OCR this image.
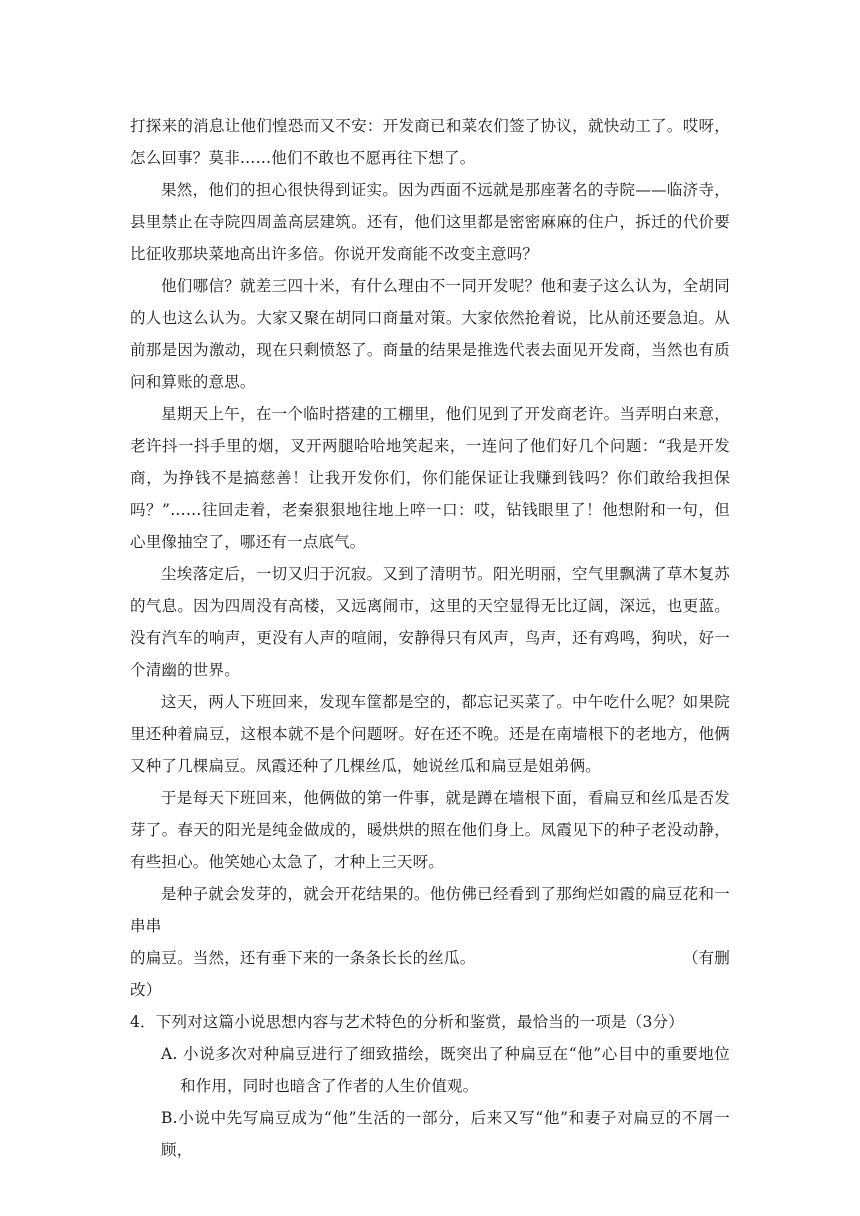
打探来的消息让他们惶恐而又不安：开发商已和菜农们签了协议，就快动工了。哎呀，怎么回事？莫非……他们不敢也不愿再往下想了。

果然，他们的担心很快得到证实。因为西面不远就是那座著名的寺院——临济寺，县里禁止在寺院四周盖高层建筑。还有，他们这里都是密密麻麻的住户，拆迁的代价要比征收那块菜地高出许多倍。你说开发商能不改变主意吗？

他们哪信？就差三四十米，有什么理由不一同开发呢？他和妻子这么认为，全胡同的人也这么认为。大家又聚在胡同口商量对策。大家依然抢着说，比从前还要急迫。从前那是因为激动，现在只剩愤怒了。商量的结果是推选代表去面见开发商，当然也有质问和算账的意思。

星期天上午，在一个临时搭建的工棚里，他们见到了开发商老许。当弄明白来意，老许抖一抖手里的烟，叉开两腿哈哈地笑起来，一连问了他们好几个问题：“我是开发商，为挣钱不是搞慈善！让我开发你们，你们能保证让我赚到钱吗？你们敢给我担保吗？”……往回走着，老秦狠狠地往地上啐一口：哎，钻钱眼里了！他想附和一句，但心里像抽空了，哪还有一点底气。

尘埃落定后，一切又归于沉寂。又到了清明节。阳光明丽，空气里飘满了草木复苏的气息。因为四周没有高楼，又远离闹市，这里的天空显得无比辽阔，深远，也更蓝。没有汽车的响声，更没有人声的喧闹，安静得只有风声，鸟声，还有鸡鸣，狗吠，好一个清幽的世界。

这天，两人下班回来，发现车筐都是空的，都忘记买菜了。中午吃什么呢？如果院里还种着扁豆，这根本就不是个问题呀。好在还不晚。还是在南墙根下的老地方，他俩又种了几棵扁豆。凤霞还种了几棵丝瓜，她说丝瓜和扁豆是姐弟俩。

于是每天下班回来，他俩做的第一件事，就是蹲在墙根下面，看扁豆和丝瓜是否发芽了。春天的阳光是纯金做成的，暖烘烘的照在他们身上。凤霞见下的种子老没动静，有些担心。他笑她心太急了，才种上三天呀。

是种子就会发芽的，就会开花结果的。他仿佛已经看到了那绚烂如霞的扁豆花和一串串

的扁豆。当然，还有垂下来的一条条长长的丝瓜。	（有删

改）

4．下列对这篇小说思想内容与艺术特色的分析和鉴赏，最恰当的一项是（3分）

A. 小说多次对种扁豆进行了细致描绘，既突出了种扁豆在“他”心目中的重要地位和作用，同时也暗含了作者的人生价值观。

B.小说中先写扁豆成为“他”生活的一部分，后来又写“他”和妻子对扁豆的不屑一顾，
